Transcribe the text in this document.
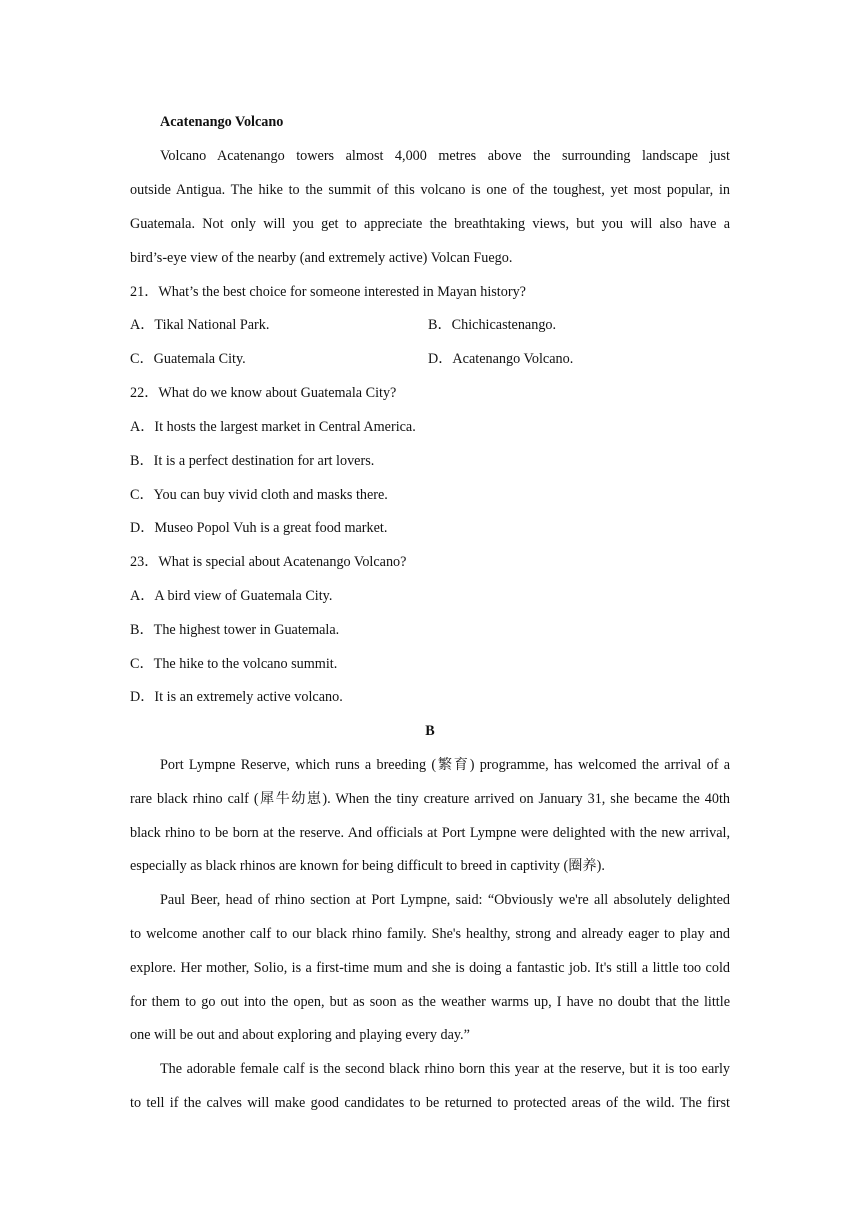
Acatenango Volcano
Volcano Acatenango towers almost 4,000 metres above the surrounding landscape just
outside Antigua. The hike to the summit of this volcano is one of the toughest, yet most popular, in
Guatemala. Not only will you get to appreciate the breathtaking views, but you will also have a
bird’s-eye view of the nearby (and extremely active) Volcan Fuego.
21．What’s the best choice for someone interested in Mayan history?
A．Tikal National Park.	B．Chichicastenango.
C．Guatemala City.	D．Acatenango Volcano.
22．What do we know about Guatemala City?
A．It hosts the largest market in Central America.
B．It is a perfect destination for art lovers.
C．You can buy vivid cloth and masks there.
D．Museo Popol Vuh is a great food market.
23．What is special about Acatenango Volcano?
A．A bird view of Guatemala City.
B．The highest tower in Guatemala.
C．The hike to the volcano summit.
D．It is an extremely active volcano.
B
Port Lympne Reserve, which runs a breeding (繁育) programme, has welcomed the arrival of a
rare black rhino calf (犀牛幼崽). When the tiny creature arrived on January 31, she became the 40th
black rhino to be born at the reserve. And officials at Port Lympne were delighted with the new arrival,
especially as black rhinos are known for being difficult to breed in captivity (圈养).
Paul Beer, head of rhino section at Port Lympne, said: “Obviously we're all absolutely delighted
to welcome another calf to our black rhino family. She's healthy, strong and already eager to play and
explore. Her mother, Solio, is a first-time mum and she is doing a fantastic job. It's still a little too cold
for them to go out into the open, but as soon as the weather warms up, I have no doubt that the little
one will be out and about exploring and playing every day.”
The adorable female calf is the second black rhino born this year at the reserve, but it is too early
to tell if the calves will make good candidates to be returned to protected areas of the wild. The first
